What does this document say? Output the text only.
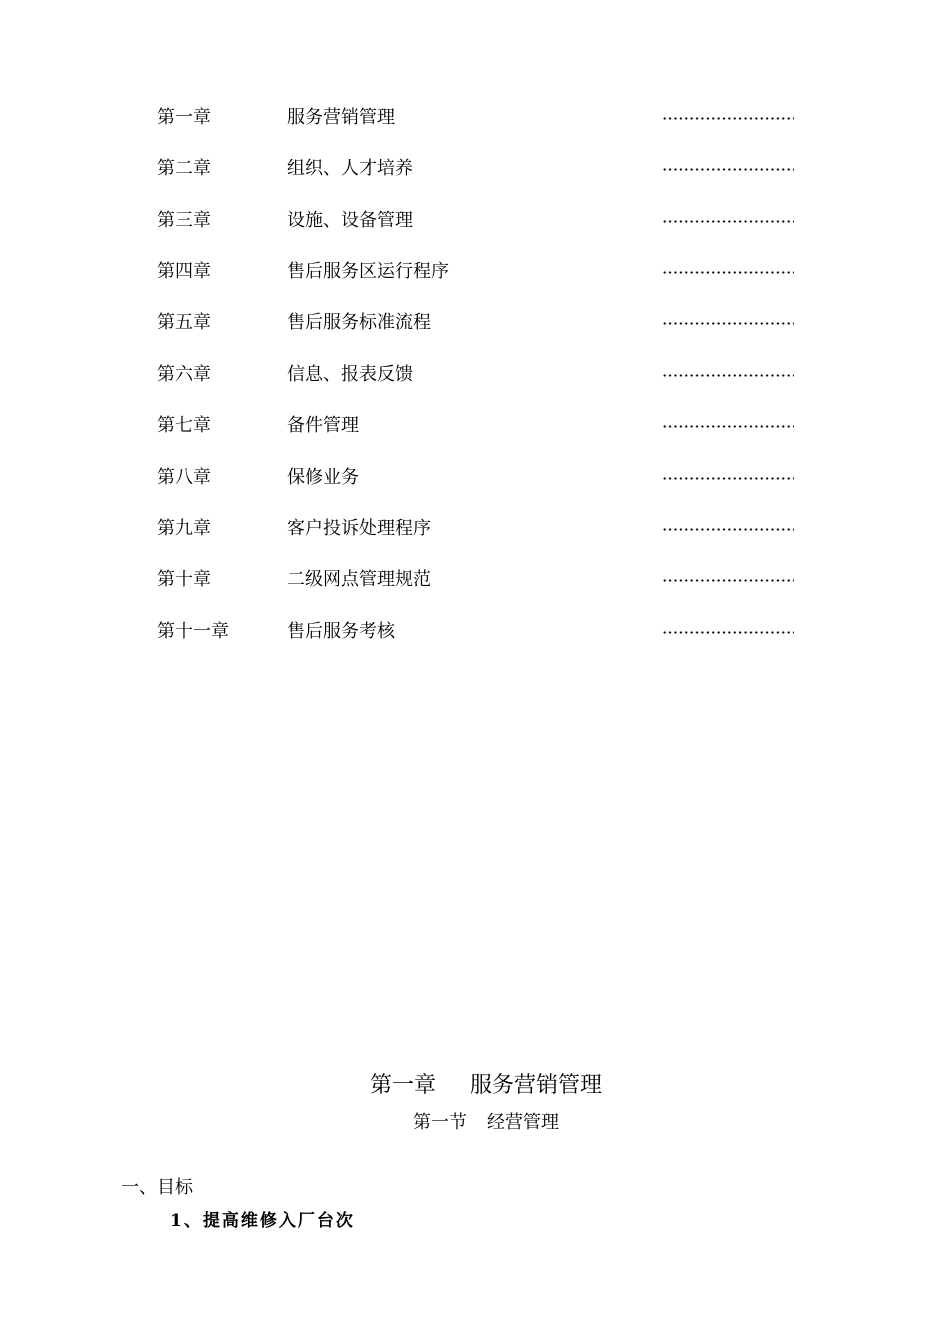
第一章	服务营销管理
第二章	组织、人才培养
第三章	设施、设备管理
第四章	售后服务区运行程序
第五章	售后服务标准流程
第六章	信息、报表反馈
第七章	备件管理
第八章	保修业务
第九章	客户投诉处理程序
第十章	二级网点管理规范
第十一章	售后服务考核
第一章 服务营销管理
第一节 经营管理
一、目标
1、提高维修入厂台次
